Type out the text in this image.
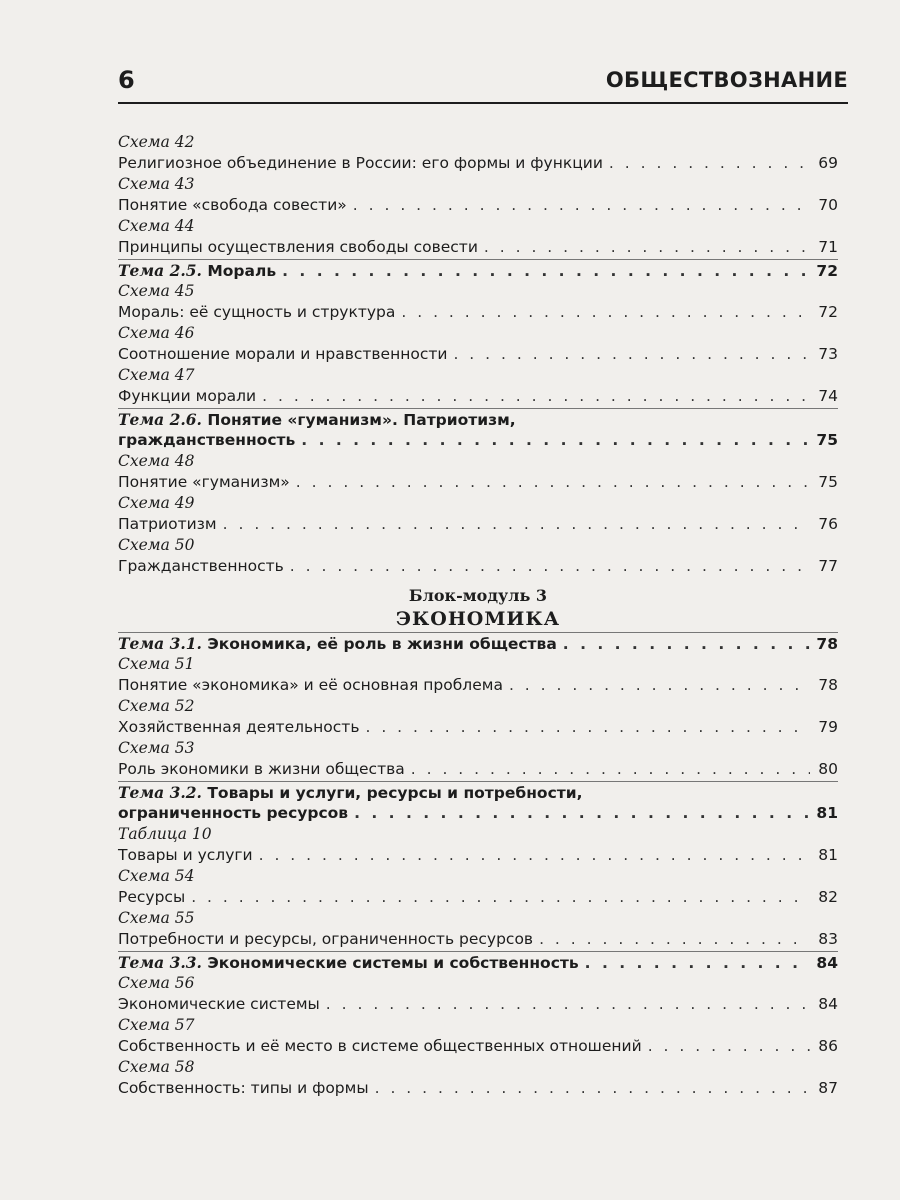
6	ОБЩЕСТВОЗНАНИЕ
Схема 42
Религиозное объединение в России: его формы и функции . . .	69
Схема 43
Понятие «свобода совести» . . .	70
Схема 44
Принципы осуществления свободы совести . . .	71
Тема 2.5. Мораль . . .	72
Схема 45
Мораль: её сущность и структура . . .	72
Схема 46
Соотношение морали и нравственности . . .	73
Схема 47
Функции морали . . .	74
Тема 2.6. Понятие «гуманизм». Патриотизм,
гражданственность . . .	75
Схема 48
Понятие «гуманизм» . . .	75
Схема 49
Патриотизм . . .	76
Схема 50
Гражданственность . . .	77
Блок-модуль 3
ЭКОНОМИКА
Тема 3.1. Экономика, её роль в жизни общества . . .	78
Схема 51
Понятие «экономика» и её основная проблема . . .	78
Схема 52
Хозяйственная деятельность . . .	79
Схема 53
Роль экономики в жизни общества . . .	80
Тема 3.2. Товары и услуги, ресурсы и потребности,
ограниченность ресурсов . . .	81
Таблица 10
Товары и услуги . . .	81
Схема 54
Ресурсы . . .	82
Схема 55
Потребности и ресурсы, ограниченность ресурсов . . .	83
Тема 3.3. Экономические системы и собственность . . .	84
Схема 56
Экономические системы . . .	84
Схема 57
Собственность и её место в системе общественных отношений . . .	86
Схема 58
Собственность: типы и формы . . .	87
